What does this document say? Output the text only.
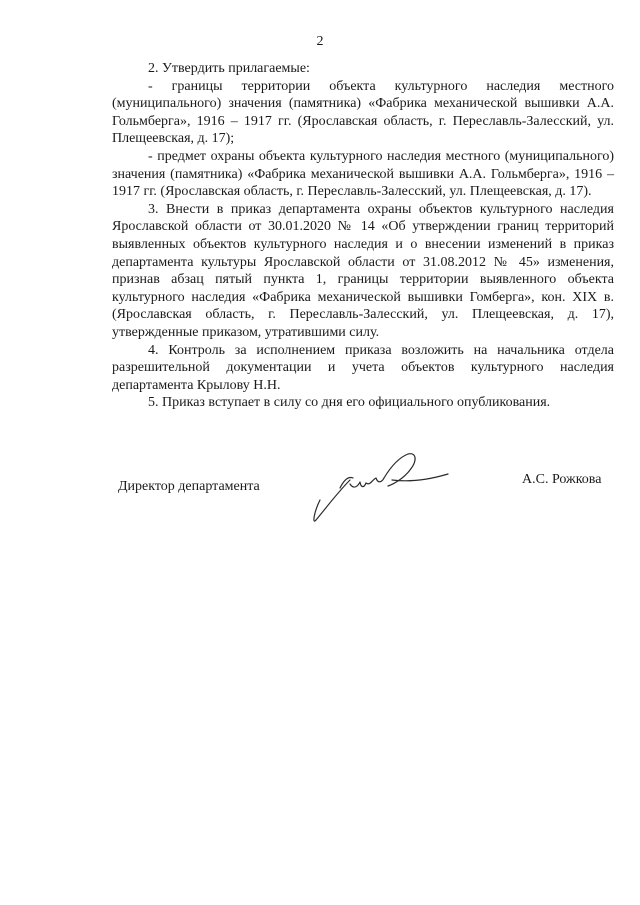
2

2. Утвердить прилагаемые:

- границы территории объекта культурного наследия местного (муниципального) значения (памятника) «Фабрика механической вышивки А.А. Гольмберга», 1916 – 1917 гг. (Ярославская область, г. Переславль-Залесский, ул. Плещеевская, д. 17);

- предмет охраны объекта культурного наследия местного (муниципального) значения (памятника) «Фабрика механической вышивки А.А. Гольмберга», 1916 – 1917 гг. (Ярославская область, г. Переславль-Залесский, ул. Плещеевская, д. 17).

3. Внести в приказ департамента охраны объектов культурного наследия Ярославской области от 30.01.2020 № 14 «Об утверждении границ территорий выявленных объектов культурного наследия и о внесении изменений в приказ департамента культуры Ярославской области от 31.08.2012 № 45» изменения, признав абзац пятый пункта 1, границы территории выявленного объекта культурного наследия «Фабрика механической вышивки Гомберга», кон. XIX в. (Ярославская область, г. Переславль-Залесский, ул. Плещеевская, д. 17), утвержденные приказом, утратившими силу.

4. Контроль за исполнением приказа возложить на начальника отдела разрешительной документации и учета объектов культурного наследия департамента Крылову Н.Н.

5. Приказ вступает в силу со дня его официального опубликования.

Директор департамента	А.С. Рожкова
